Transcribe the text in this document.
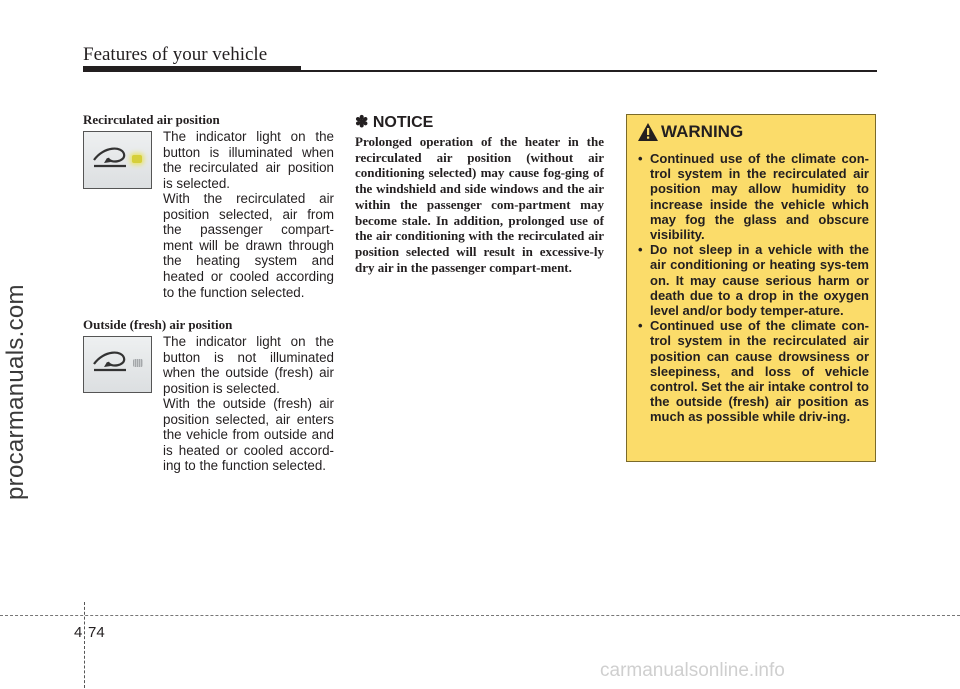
Features of your vehicle
procarmanuals.com
Recirculated air position
The indicator light on the button is illuminated when the recirculated air position is selected.
With the recirculated air position selected, air from the passenger compart-ment will be drawn through the heating system and heated or cooled according to the function selected.
Outside (fresh) air position
The indicator light on the button is not illuminated when the outside (fresh) air position is selected.
With the outside (fresh) air position selected, air enters the vehicle from outside and is heated or cooled accord-ing to the function selected.
✽ NOTICE
Prolonged operation of the heater in the recirculated air position (without air conditioning selected) may cause fog-ging of the windshield and side windows and the air within the passenger com-partment may become stale. In addition, prolonged use of the air conditioning with the recirculated air position selected will result in excessive-ly dry air in the passenger compart-ment.
WARNING
• Continued use of the climate con-trol system in the recirculated air position may allow humidity to increase inside the vehicle which may fog the glass and obscure visibility.
• Do not sleep in a vehicle with the air conditioning or heating sys-tem on. It may cause serious harm or death due to a drop in the oxygen level and/or body temper-ature.
• Continued use of the climate con-trol system in the recirculated air position can cause drowsiness or sleepiness, and loss of vehicle control. Set the air intake control to the outside (fresh) air position as much as possible while driv-ing.
4 74
carmanualsonline.info
